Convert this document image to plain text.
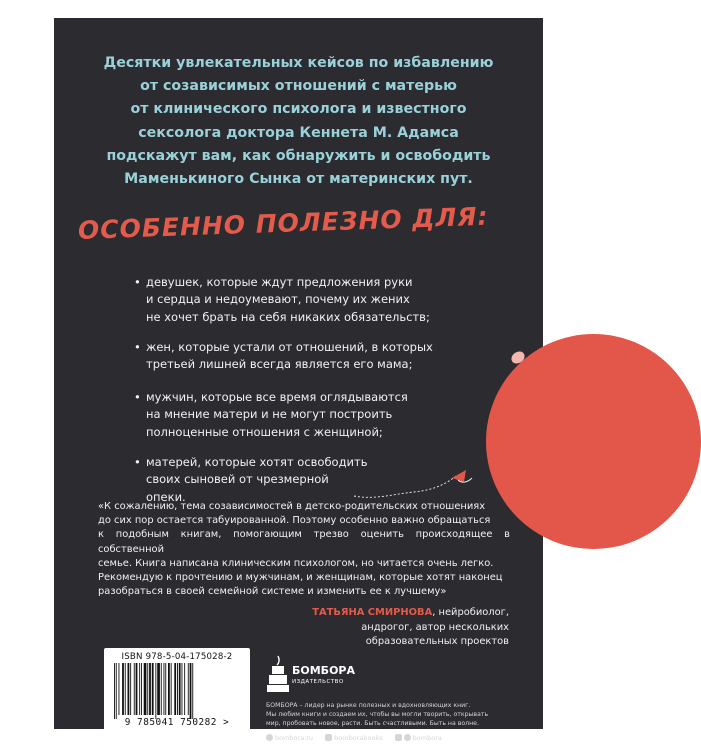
Десятки увлекательных кейсов по избавлению
от созависимых отношений с матерью
от клинического психолога и известного
сексолога доктора Кеннета М. Адамса
подскажут вам, как обнаружить и освободить
Маменькиного Сынка от материнских пут.
ОСОБЕННО ПОЛЕЗНО ДЛЯ:
• девушек, которые ждут предложения руки
и сердца и недоумевают, почему их жених
не хочет брать на себя никаких обязательств;
• жен, которые устали от отношений, в которых
третьей лишней всегда является его мама;
• мужчин, которые все время оглядываются
на мнение матери и не могут построить
полноценные отношения с женщиной;
• матерей, которые хотят освободить
своих сыновей от чрезмерной
опеки.
«К сожалению, тема созависимостей в детско-родительских отношениях
до сих пор остается табуированной. Поэтому особенно важно обращаться
к подобным книгам, помогающим трезво оценить происходящее в собственной
семье. Книга написана клиническим психологом, но читается очень легко.
Рекомендую к прочтению и мужчинам, и женщинам, которые хотят наконец
разобраться в своей семейной системе и изменить ее к лучшему»
ТАТЬЯНА СМИРНОВА, нейробиолог,
андрогог, автор нескольких
образовательных проектов
ISBN 978-5-04-175028-2
9 785041 750282 >
БОМБОРА
ИЗДАТЕЛЬСТВО
БОМБОРА – лидер на рынке полезных и вдохновляющих книг.
Мы любим книги и создаем их, чтобы вы могли творить, открывать
мир, пробовать новое, расти. Быть счастливыми. Быть на волне.
bombora.ru	bomborabooks	bombora
